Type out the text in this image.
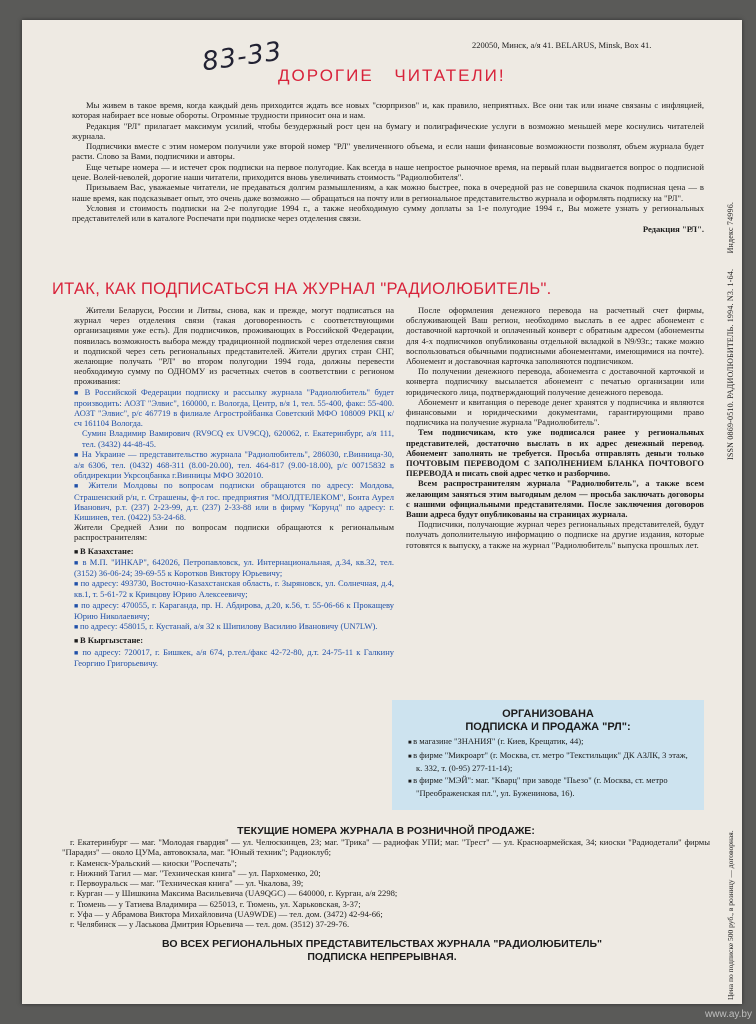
220050, Минск, а/я 41. BELARUS, Minsk, Box 41.
83-33
ДОРОГИЕ ЧИТАТЕЛИ!

Мы живем в такое время, когда каждый день приходится ждать все новых "сюрпризов" и, как правило, неприятных. Все они так или иначе связаны с инфляцией, которая набирает все новые обороты. Огромные трудности приносит она и нам.

Редакция "РЛ" прилагает максимум усилий, чтобы безудержный рост цен на бумагу и полиграфические услуги в возможно меньшей мере коснулись читателей журнала.

Подписчики вместе с этим номером получили уже второй номер "РЛ" увеличенного объема, и если наши финансовые возможности позволят, объем журнала будет расти. Слово за Вами, подписчики и авторы.

Еще четыре номера — и истечет срок подписки на первое полугодие. Как всегда в наше непростое рыночное время, на первый план выдвигается вопрос о подписной цене. Волей-неволей, дорогие наши читатели, приходится вновь увеличивать стоимость "Радиолюбителя".

Призываем Вас, уважаемые читатели, не предаваться долгим размышлениям, а как можно быстрее, пока в очередной раз не совершила скачок подписная цена — в наше время, как подсказывает опыт, это очень даже возможно — обращаться на почту или в региональное представительство журнала и оформлять подписку на "РЛ".

Условия и стоимость подписки на 2-е полугодие 1994 г., а также необходимую сумму доплаты за 1-е полугодие 1994 г., Вы можете узнать у региональных представителей или в каталоге Роспечати при подписке через отделения связи.

Редакция "РЛ".

ИТАК, КАК ПОДПИСАТЬСЯ НА ЖУРНАЛ "РАДИОЛЮБИТЕЛЬ".

Жители Беларуси, России и Литвы, снова, как и прежде, могут подписаться на журнал через отделения связи (такая договоренность с соответствующими организациями уже есть). Для подписчиков, проживающих в Российской Федерации, появилась возможность выбора между традиционной подпиской через отделения связи и подпиской через сеть региональных представителей. Жители других стран СНГ, желающие получать "РЛ" во втором полугодии 1994 года, должны перевести необходимую сумму по ОДНОМУ из расчетных счетов в соответствии с регионом проживания:

■ В Российской Федерации подписку и рассылку журнала "Радиолюбитель" будет производить: АОЗТ "Элвис", 160000, г. Вологда, Центр, в/я 1, тел. 55-400, факс: 55-400. АОЗТ "Элвис", р/с 467719 в филиале Агростройбанка Советский МФО 108009 РКЦ к/сч 161104 Вологда.

Сумин Владимир Вамирович (RV9CQ ex UV9CQ), 620062, г. Екатеринбург, а/я 111, тел. (3432) 44-48-45.

■ На Украине — представительство журнала "Радиолюбитель", 286030, г.Винница-30, а/я 6306, тел. (0432) 468-311 (8.00-20.00), тел. 464-817 (9.00-18.00), р/с 00715832 в облдирекции Укрсоцбанка г.Винницы МФО 302010.

■ Жители Молдовы по вопросам подписки обращаются по адресу: Молдова, Страшенский р/н, г. Страшены, ф-л гос. предприятия "МОЛДТЕЛЕКОМ", Бонта Аурел Иванович, р.т. (237) 2-23-99, д.т. (237) 2-33-88 или в фирму "Корунд" по адресу: г. Кишинев, тел. (0422) 53-24-68.

Жители Средней Азии по вопросам подписки обращаются к региональным распространителям:

■ В Казахстане:

■ в М.П. "ИНКАР", 642026, Петропавловск, ул. Интернациональная, д.34, кв.32, тел. (3152) 36-06-24; 39-69-55 к Коротков Виктору Юрьевичу;

■ по адресу: 493730, Восточно-Казахстанская область, г. Зыряновск, ул. Солнечная, д.4, кв.1, т. 5-61-72 к Кривцову Юрию Алексеевичу;

■ по адресу: 470055, г. Караганда, пр. Н. Абдирова, д.20, к.56, т. 55-06-66 к Прокащеву Юрию Николаевичу;

■ по адресу: 458015, г. Кустанай, а/я 32 к Шипилову Василию Ивановичу (UN7LW).

■ В Кыргызстане:

■ по адресу: 720017, г. Бишкек, а/я 674, р.тел./факс 42-72-80, д.т. 24-75-11 к Галкину Георгию Григорьевичу.

После оформления денежного перевода на расчетный счет фирмы, обслуживающей Ваш регион, необходимо выслать в ее адрес абонемент с доставочной карточкой и оплаченный конверт с обратным адресом (абонементы для 4-х подписчиков опубликованы отдельной вкладкой в N9/93г.; также можно воспользоваться обычными подписными абонементами, имеющимися на почте). Абонемент и доставочная карточка заполняются подписчиком.

По получении денежного перевода, абонемента с доставочной карточкой и конверта подписчику высылается абонемент с печатью организации или юридического лица, подтверждающий получение денежного перевода.

Абонемент и квитанция о переводе денег хранятся у подписчика и являются финансовыми и юридическими документами, гарантирующими право подписчика на получение журнала "Радиолюбитель".

Тем подписчикам, кто уже подписался ранее у региональных представителей, достаточно выслать в их адрес денежный перевод. Абонемент заполнять не требуется. Просьба отправлять деньги только ПОЧТОВЫМ ПЕРЕВОДОМ С ЗАПОЛНЕНИЕМ БЛАНКА ПОЧТОВОГО ПЕРЕВОДА и писать свой адрес четко и разборчиво.

Всем распространителям журнала "Радиолюбитель", а также всем желающим заняться этим выгодным делом — просьба заключать договоры с нашими официальными представителями. После заключения договоров Ваши адреса будут опубликованы на страницах журнала.

Подписчики, получающие журнал через региональных представителей, будут получать дополнительную информацию о подписке на другие издания, которые готовятся к выпуску, а также на журнал "Радиолюбитель" выпуска прошлых лет.

ОРГАНИЗОВАНА
ПОДПИСКА И ПРОДАЖА "РЛ":
■ в магазине "ЗНАНИЯ" (г. Киев, Крещатик, 44);
■ в фирме "Микроарт" (г. Москва, ст. метро "Текстильщик" ДК АЗЛК, 3 этаж, к. 332, т. (0-95) 277-11-14);
■ в фирме "МЭЙ": маг. "Кварц" при заводе "Пьезо" (г. Москва, ст. метро "Преображенская пл.", ул. Буженинова, 16).
ТЕКУЩИЕ НОМЕРА ЖУРНАЛА В РОЗНИЧНОЙ ПРОДАЖЕ:

г. Екатеринбург — маг. "Молодая гвардия" — ул. Челюскинцев, 23; маг. "Трика" — радиофак УПИ; маг. "Трест" — ул. Красноармейская, 34; киоски "Радиодетали" фирмы "Парадиз" — около ЦУМа, автовокзала, маг. "Юный техник"; Радиоклуб;

г. Каменск-Уральский — киоски "Роспечать";

г. Нижний Тагил — маг. "Техническая книга" — ул. Пархоменко, 20;

г. Первоуральск — маг. "Техническая книга" — ул. Чкалова, 39;

г. Курган — у Шишкина Максима Васильевича (UA9QGC) — 640000, г. Курган, а/я 2298;

г. Тюмень — у Татиева Владимира — 625013, г. Тюмень, ул. Харьковская, 3-37;

г. Уфа — у Абрамова Виктора Михайловича (UA9WDE) — тел. дом. (3472) 42-94-66;

г. Челябинск — у Ласькова Дмитрия Юрьевича — тел. дом. (3512) 37-29-76.

ВО ВСЕХ РЕГИОНАЛЬНЫХ ПРЕДСТАВИТЕЛЬСТВАХ ЖУРНАЛА "РАДИОЛЮБИТЕЛЬ"
ПОДПИСКА НЕПРЕРЫВНАЯ.
ISSN 0869-0510. РАДИОЛЮБИТЕЛЬ. 1994. N3. 1-64.       Индекс 74996.
Цена по подписке 500 руб., в розницу — договорная.
www.ay.by
